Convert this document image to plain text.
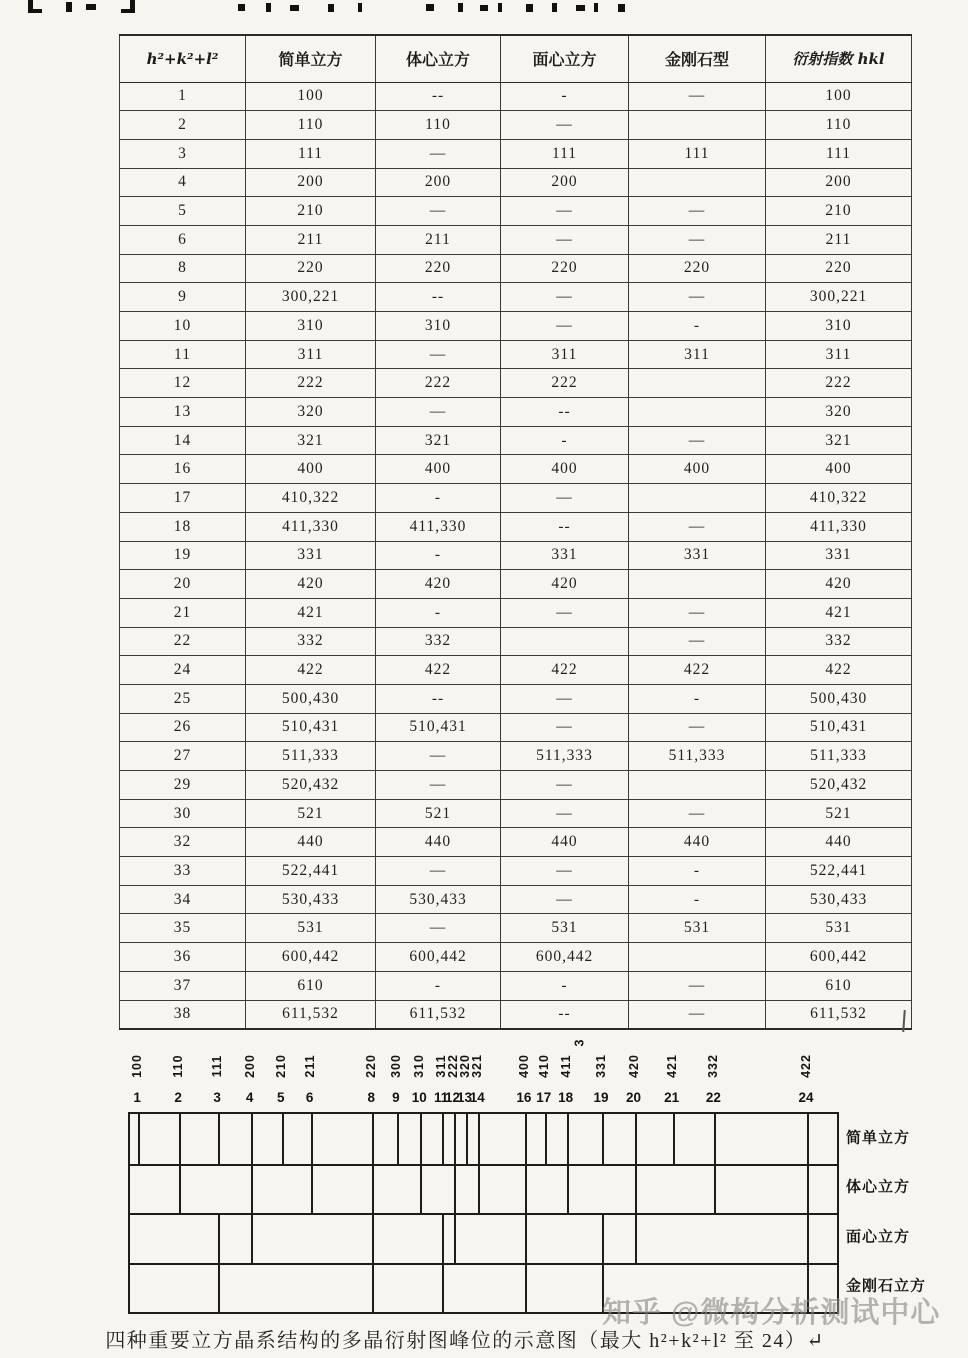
h²+k²+l²	简单立方	体心立方	面心立方	金刚石型	衍射指数 hkl
1	100	--	-	—	100
2	110	110	—		110
3	111	—	111	111	111
4	200	200	200		200
5	210	—	—	—	210
6	211	211	—	—	211
8	220	220	220	220	220
9	300,221	--	—	—	300,221
10	310	310	—	-	310
11	311	—	311	311	311
12	222	222	222		222
13	320	—	--		320
14	321	321	-	—	321
16	400	400	400	400	400
17	410,322	-	—		410,322
18	411,330	411,330	--	—	411,330
19	331	-	331	331	331
20	420	420	420		420
21	421	-	—	—	421
22	332	332		—	332
24	422	422	422	422	422
25	500,430	--	—	-	500,430
26	510,431	510,431	—	—	510,431
27	511,333	—	511,333	511,333	511,333
29	520,432	—	—		520,432
30	521	521	—	—	521
32	440	440	440	440	440
33	522,441	—	—	-	522,441
34	530,433	530,433	—	-	530,433
35	531	—	531	531	531
36	600,442	600,442	600,442		600,442
37	610	-	-	—	610
38	611,532	611,532	--	—	611,532
3
100
1
110
2
111
3
200
4
210
5
211
6
220
8
300
9
310
10
311
11
222
12
320
13
321
14
400
16
410
17
411
18
331
19
420
20
421
21
332
22
422
24
简单立方
体心立方
面心立方
金刚石立方
四种重要立方晶系结构的多晶衍射图峰位的示意图（最大 h²+k²+l² 至 24）↵
知乎 @微构分析测试中心
